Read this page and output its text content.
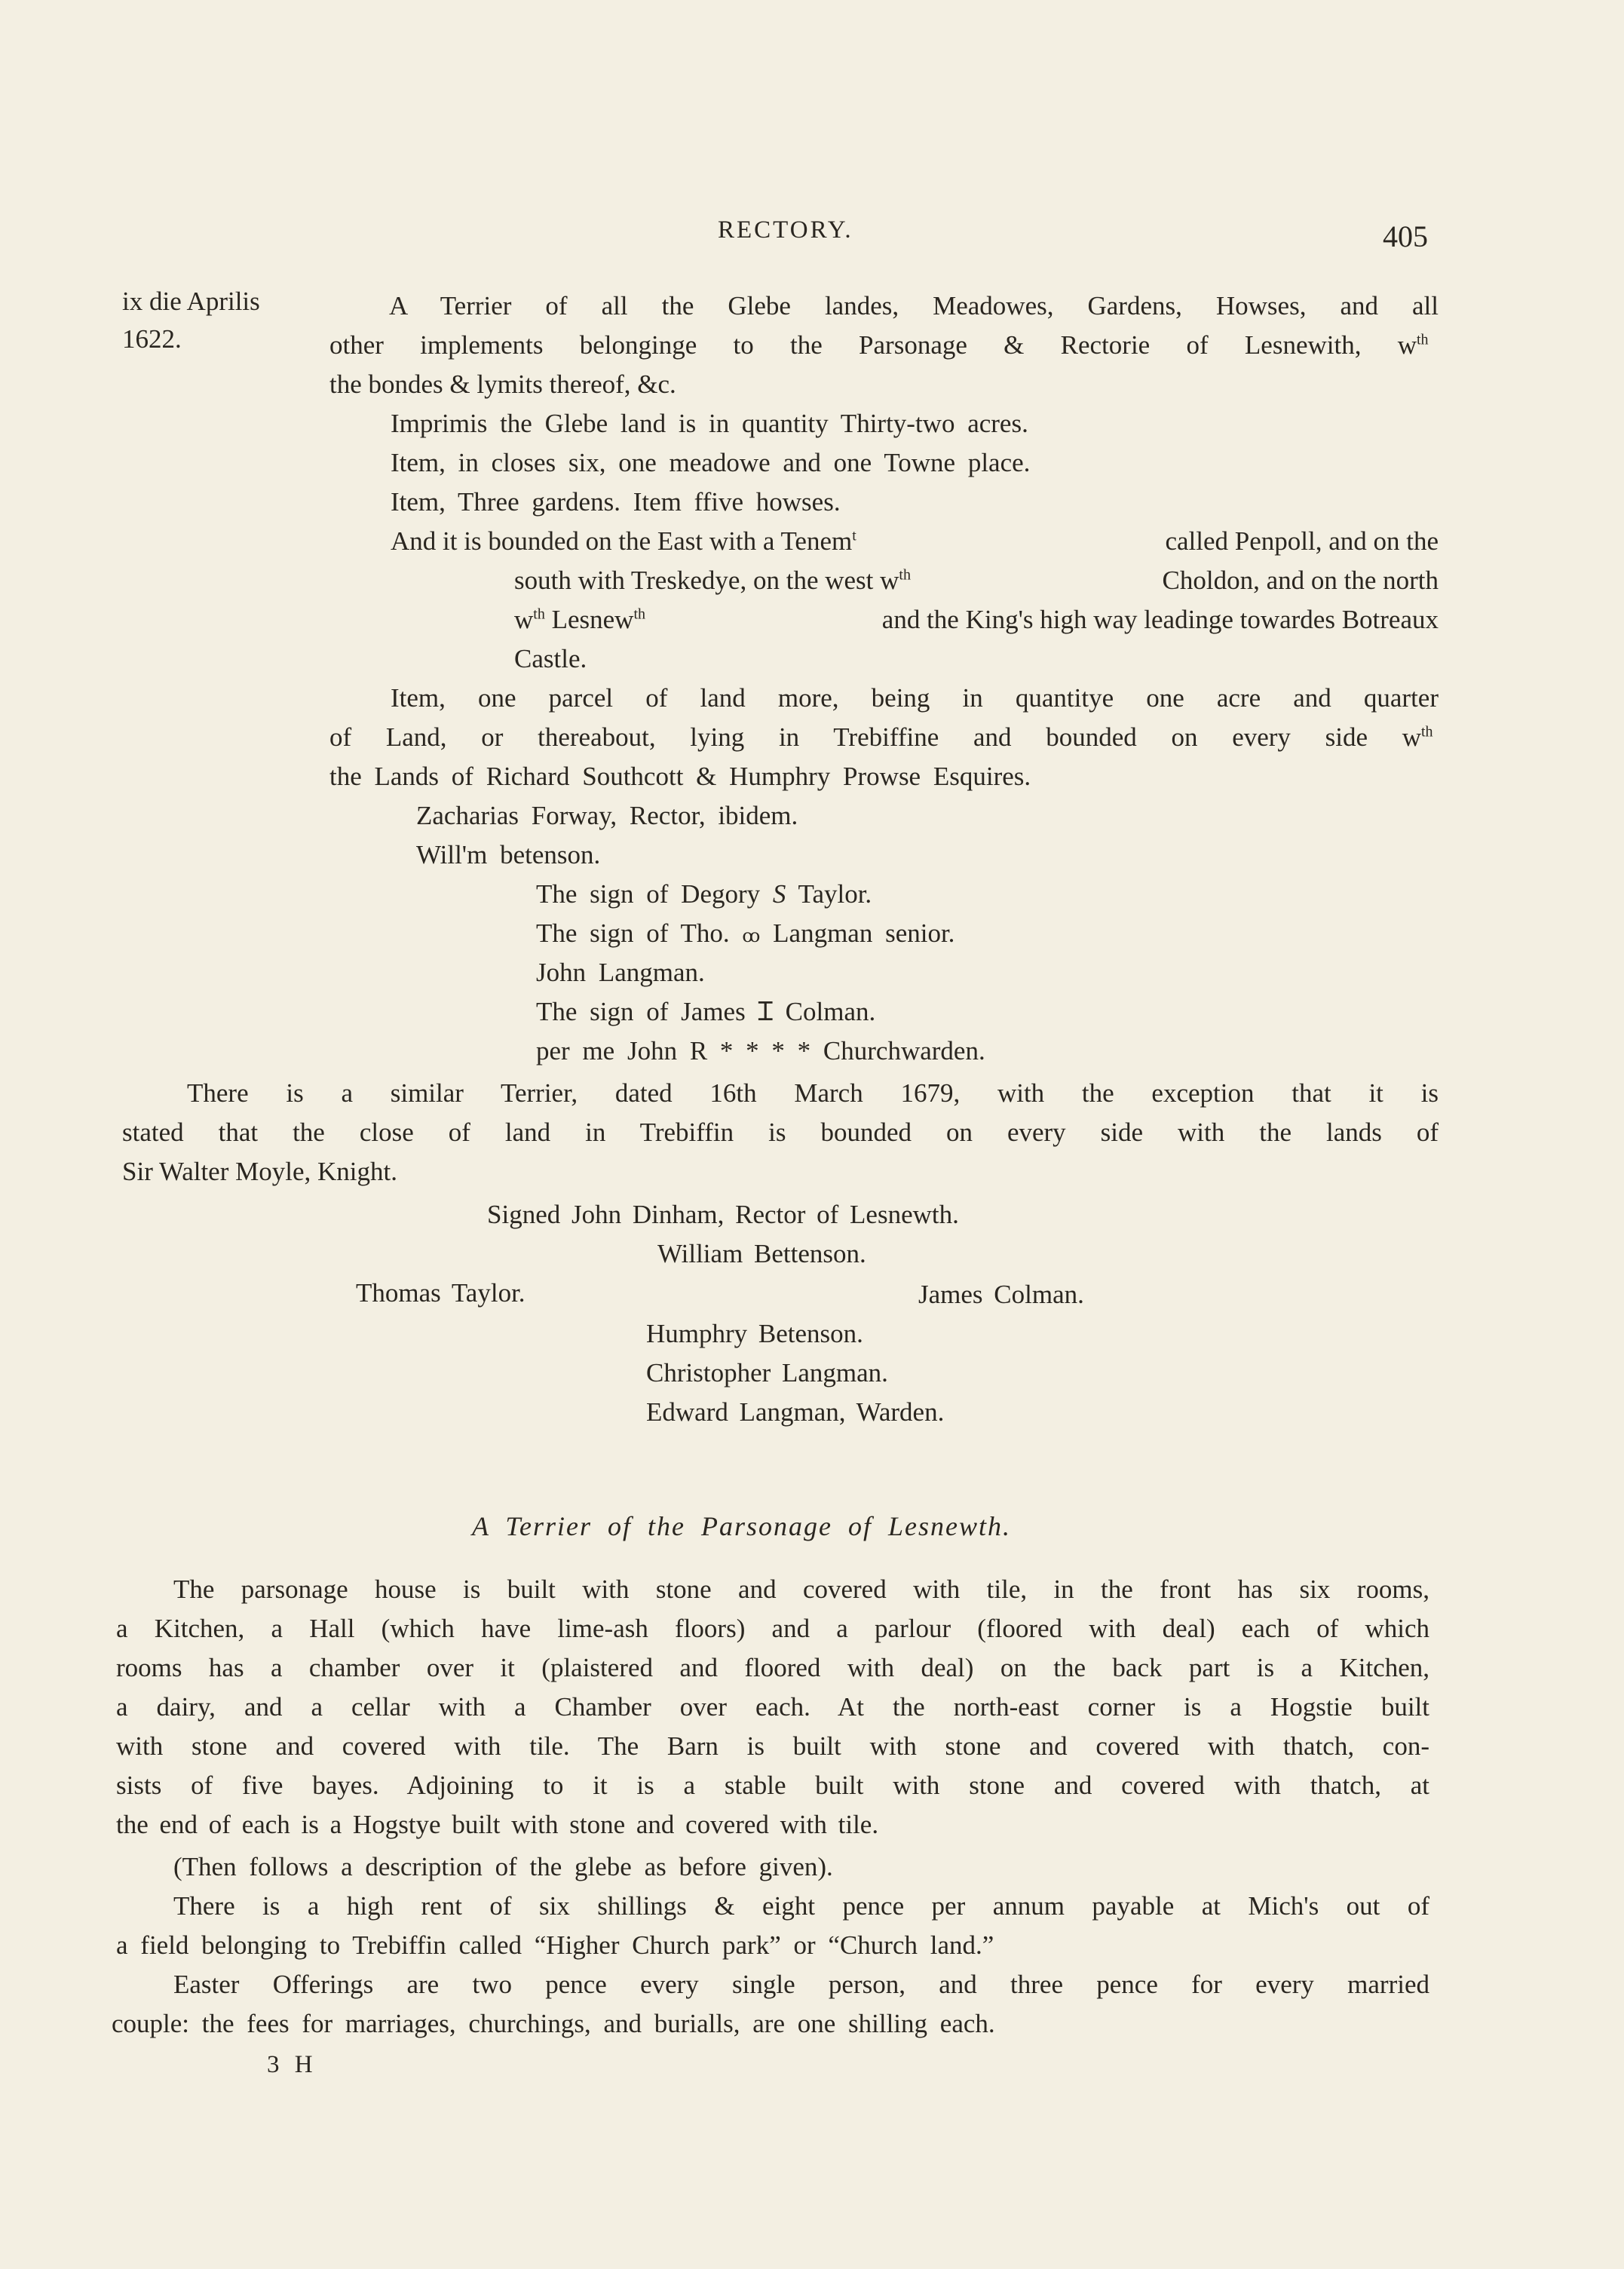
RECTORY.	405
ix die Aprilis
1622.
A Terrier of all the Glebe landes, Meadowes, Gardens, Howses, and all
other implements belonginge to the Parsonage & Rectorie of Lesnewith, $w^{th}$
the bondes & lymits thereof, &c.
Imprimis the Glebe land is in quantity Thirty-two acres.
Item, in closes six, one meadowe and one Towne place.
Item, Three gardens. Item ffive howses.
And it is bounded on the East with a Tenem$^t$	called Penpoll, and on the
south with Treskedye, on the west $w^{th}$	Choldon, and on the north
$w^{th}$ Lesnew$^{th}$	and the King's high way leadinge towardes Botreaux
Castle.
Item, one parcel of land more, being in quantitye one acre and quarter
of Land, or thereabout, lying in Trebiffine and bounded on every side $w^{th}$
the Lands of Richard Southcott & Humphry Prowse Esquires.
Zacharias Forway, Rector, ibidem.
Will'm betenson.
The sign of Degory S Taylor.
The sign of Tho. ꝏ Langman senior.
John Langman.
The sign of James Ɪ Colman.
per me John R * * * * Churchwarden.
There is a similar Terrier, dated 16th March 1679, with the exception that it is
stated that the close of land in Trebiffin is bounded on every side with the lands of
Sir Walter Moyle, Knight.
Signed John Dinham, Rector of Lesnewth.
William Bettenson.
Thomas Taylor.	James Colman.
Humphry Betenson.
Christopher Langman.
Edward Langman, Warden.
A Terrier of the Parsonage of Lesnewth.
The parsonage house is built with stone and covered with tile, in the front has six rooms,
a Kitchen, a Hall (which have lime-ash floors) and a parlour (floored with deal) each of which
rooms has a chamber over it (plaistered and floored with deal) on the back part is a Kitchen,
a dairy, and a cellar with a Chamber over each. At the north-east corner is a Hogstie built
with stone and covered with tile. The Barn is built with stone and covered with thatch, con-
sists of five bayes. Adjoining to it is a stable built with stone and covered with thatch, at
the end of each is a Hogstye built with stone and covered with tile.
(Then follows a description of the glebe as before given).
There is a high rent of six shillings & eight pence per annum payable at Mich's out of
a field belonging to Trebiffin called “Higher Church park” or “Church land.”
Easter Offerings are two pence every single person, and three pence for every married
couple: the fees for marriages, churchings, and burialls, are one shilling each.
3 H
